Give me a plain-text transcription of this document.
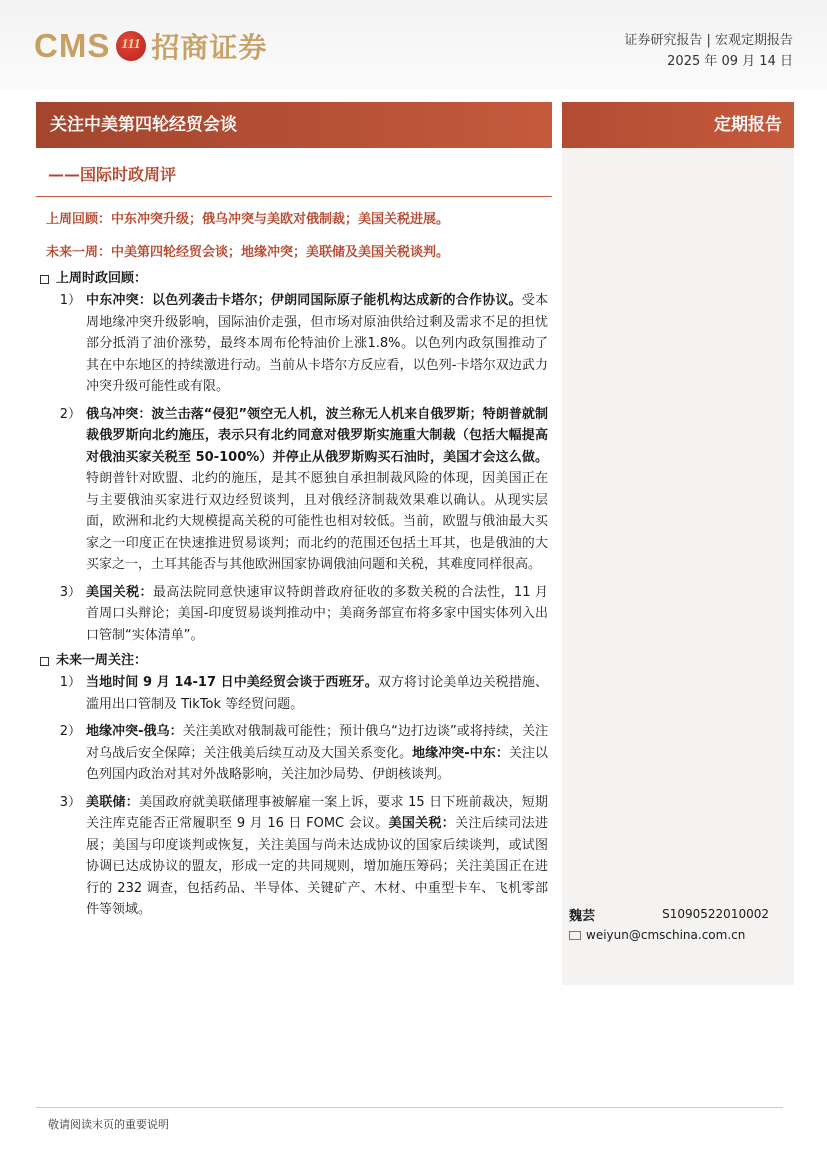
CMS 111 招商证券	证券研究报告 | 宏观定期报告
2025 年 09 月 14 日
关注中美第四轮经贸会谈	定期报告
——国际时政周评
上周回顾：中东冲突升级；俄乌冲突与美欧对俄制裁；美国关税进展。
未来一周：中美第四轮经贸会谈；地缘冲突；美联储及美国关税谈判。
上周时政回顾：
1） 中东冲突：以色列袭击卡塔尔；伊朗同国际原子能机构达成新的合作协议。受本周地缘冲突升级影响，国际油价走强，但市场对原油供给过剩及需求不足的担忧部分抵消了油价涨势，最终本周布伦特油价上涨1.8%。以色列内政氛围推动了其在中东地区的持续激进行动。当前从卡塔尔方反应看，以色列-卡塔尔双边武力冲突升级可能性或有限。
2） 俄乌冲突：波兰击落“侵犯”领空无人机，波兰称无人机来自俄罗斯；特朗普就制裁俄罗斯向北约施压，表示只有北约同意对俄罗斯实施重大制裁（包括大幅提高对俄油买家关税至 50-100%）并停止从俄罗斯购买石油时，美国才会这么做。特朗普针对欧盟、北约的施压，是其不愿独自承担制裁风险的体现，因美国正在与主要俄油买家进行双边经贸谈判，且对俄经济制裁效果难以确认。从现实层面，欧洲和北约大规模提高关税的可能性也相对较低。当前，欧盟与俄油最大买家之一印度正在快速推进贸易谈判；而北约的范围还包括土耳其，也是俄油的大买家之一，土耳其能否与其他欧洲国家协调俄油问题和关税，其难度同样很高。
3） 美国关税：最高法院同意快速审议特朗普政府征收的多数关税的合法性，11 月首周口头辩论；美国-印度贸易谈判推动中；美商务部宣布将多家中国实体列入出口管制“实体清单”。
未来一周关注：
1） 当地时间 9 月 14-17 日中美经贸会谈于西班牙。双方将讨论美单边关税措施、滥用出口管制及 TikTok 等经贸问题。
2） 地缘冲突-俄乌：关注美欧对俄制裁可能性；预计俄乌“边打边谈”或将持续，关注对乌战后安全保障；关注俄美后续互动及大国关系变化。地缘冲突-中东：关注以色列国内政治对其对外战略影响，关注加沙局势、伊朗核谈判。
3） 美联储：美国政府就美联储理事被解雇一案上诉，要求 15 日下班前裁决，短期关注库克能否正常履职至 9 月 16 日 FOMC 会议。美国关税：关注后续司法进展；美国与印度谈判或恢复，关注美国与尚未达成协议的国家后续谈判，或试图协调已达成协议的盟友，形成一定的共同规则，增加施压筹码；关注美国正在进行的 232 调查，包括药品、半导体、关键矿产、木材、中重型卡车、飞机零部件等领域。	魏芸	S1090522010002
weiyun@cmschina.com.cn
敬请阅读末页的重要说明
